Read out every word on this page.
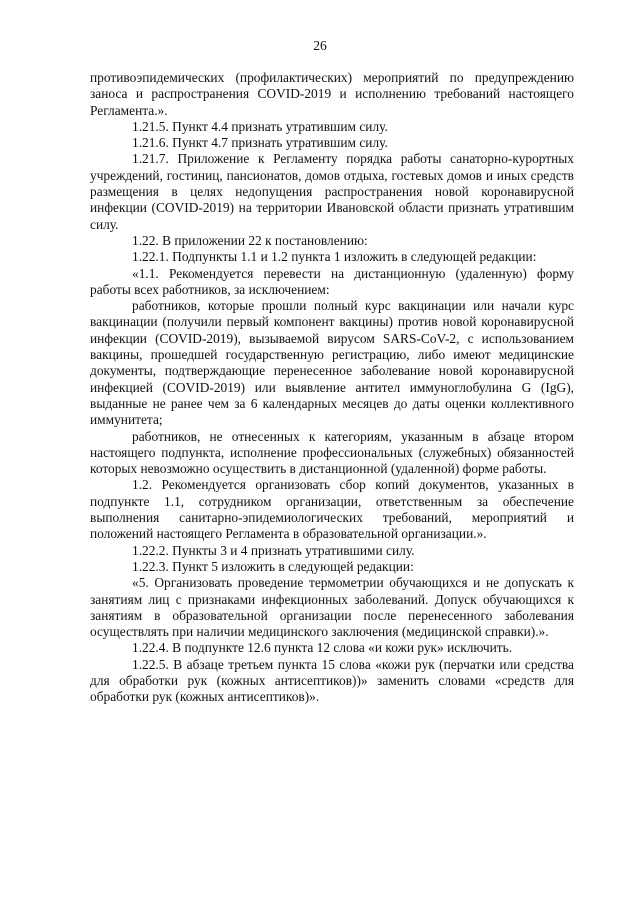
26

противоэпидемических (профилактических) мероприятий по предупреждению заноса и распространения COVID-2019 и исполнению требований настоящего Регламента.».

1.21.5. Пункт 4.4 признать утратившим силу.

1.21.6. Пункт 4.7 признать утратившим силу.

1.21.7. Приложение к Регламенту порядка работы санаторно-курортных учреждений, гостиниц, пансионатов, домов отдыха, гостевых домов и иных средств размещения в целях недопущения распространения новой коронавирусной инфекции (COVID-2019) на территории Ивановской области признать утратившим силу.

1.22. В приложении 22 к постановлению:

1.22.1. Подпункты 1.1 и 1.2 пункта 1 изложить в следующей редакции:

«1.1. Рекомендуется перевести на дистанционную (удаленную) форму работы всех работников, за исключением:

работников, которые прошли полный курс вакцинации или начали курс вакцинации (получили первый компонент вакцины) против новой коронавирусной инфекции (COVID-2019), вызываемой вирусом SARS-CoV-2, с использованием вакцины, прошедшей государственную регистрацию, либо имеют медицинские документы, подтверждающие перенесенное заболевание новой коронавирусной инфекцией (COVID-2019) или выявление антител иммуноглобулина G (IgG), выданные не ранее чем за 6 календарных месяцев до даты оценки коллективного иммунитета;

работников, не отнесенных к категориям, указанным в абзаце втором настоящего подпункта, исполнение профессиональных (служебных) обязанностей которых невозможно осуществить в дистанционной (удаленной) форме работы.

1.2. Рекомендуется организовать сбор копий документов, указанных в подпункте 1.1, сотрудником организации, ответственным за обеспечение выполнения санитарно-эпидемиологических требований, мероприятий и положений настоящего Регламента в образовательной организации.».

1.22.2. Пункты 3 и 4 признать утратившими силу.

1.22.3. Пункт 5 изложить в следующей редакции:

«5. Организовать проведение термометрии обучающихся и не допускать к занятиям лиц с признаками инфекционных заболеваний. Допуск обучающихся к занятиям в образовательной организации после перенесенного заболевания осуществлять при наличии медицинского заключения (медицинской справки).».

1.22.4. В подпункте 12.6 пункта 12 слова «и кожи рук» исключить.

1.22.5. В абзаце третьем пункта 15 слова «кожи рук (перчатки или средства для обработки рук (кожных антисептиков))» заменить словами «средств для обработки рук (кожных антисептиков)».
